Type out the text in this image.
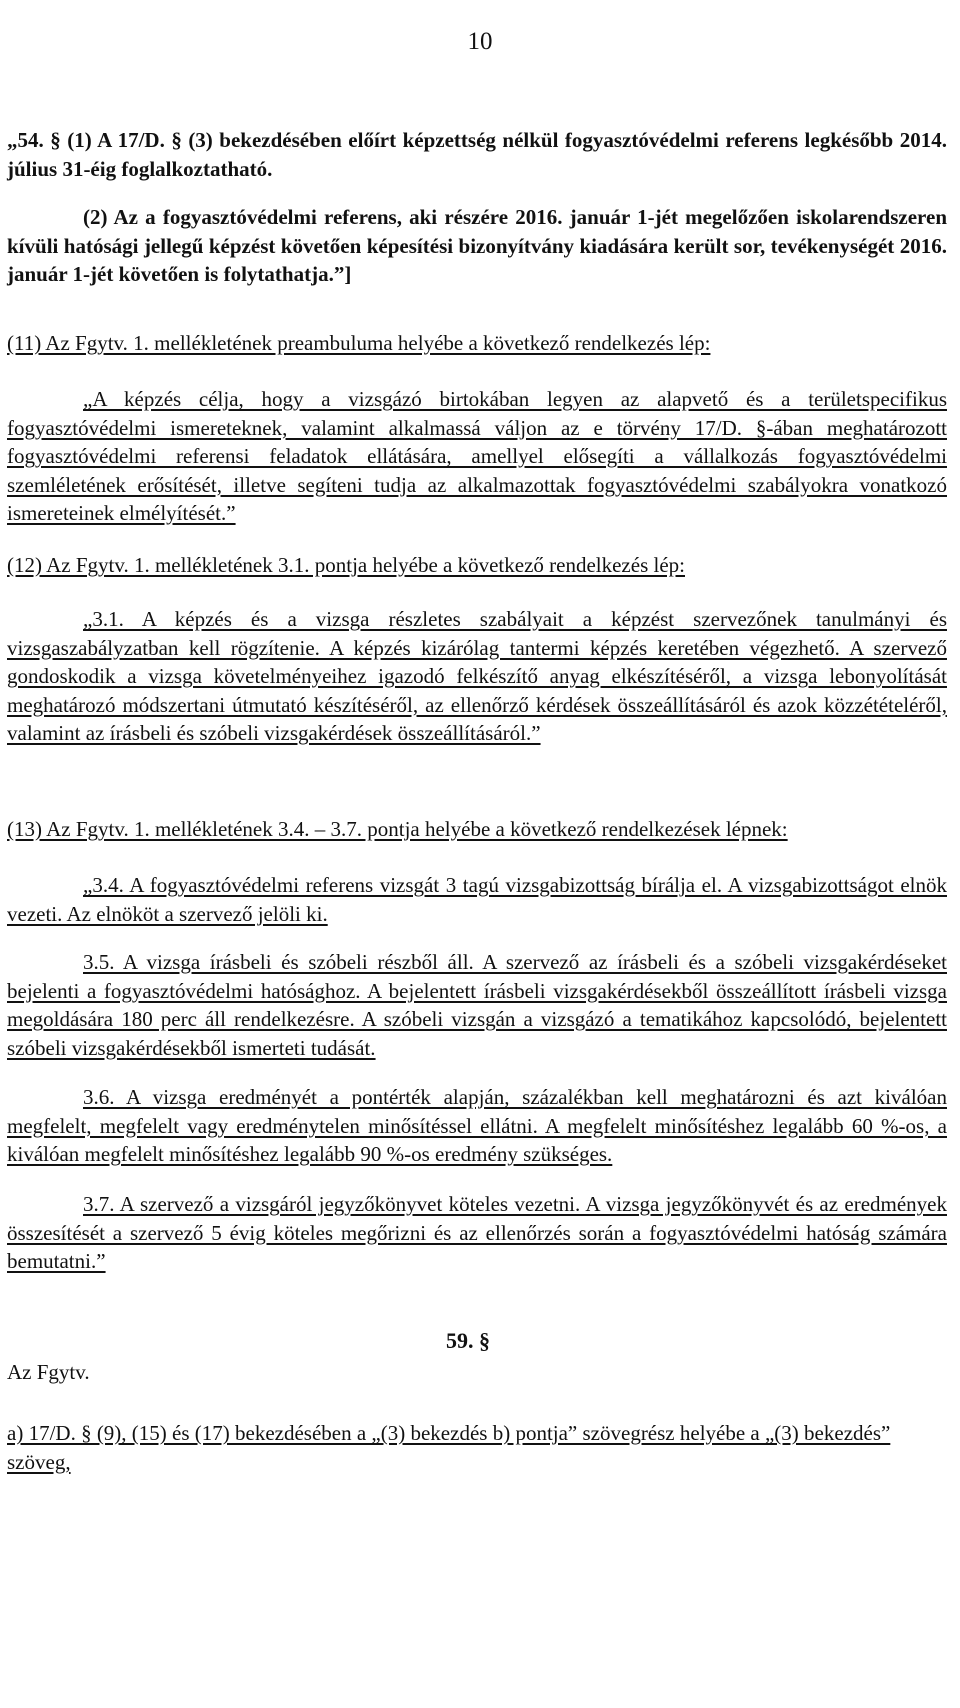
10

„54. § (1) A 17/D. § (3) bekezdésében előírt képzettség nélkül fogyasztóvédelmi referens legkésőbb 2014. július 31-éig foglalkoztatható.

(2) Az a fogyasztóvédelmi referens, aki részére 2016. január 1-jét megelőzően iskolarendszeren kívüli hatósági jellegű képzést követően képesítési bizonyítvány kiadására került sor, tevékenységét 2016. január 1-jét követően is folytathatja.”]

(11) Az Fgytv. 1. mellékletének preambuluma helyébe a következő rendelkezés lép:

„A képzés célja, hogy a vizsgázó birtokában legyen az alapvető és a területspecifikus fogyasztóvédelmi ismereteknek, valamint alkalmassá váljon az e törvény 17/D. §-ában meghatározott fogyasztóvédelmi referensi feladatok ellátására, amellyel elősegíti a vállalkozás fogyasztóvédelmi szemléletének erősítését, illetve segíteni tudja az alkalmazottak fogyasztóvédelmi szabályokra vonatkozó ismereteinek elmélyítését.”

(12) Az Fgytv. 1. mellékletének 3.1. pontja helyébe a következő rendelkezés lép:

„3.1. A képzés és a vizsga részletes szabályait a képzést szervezőnek tanulmányi és vizsgaszabályzatban kell rögzítenie. A képzés kizárólag tantermi képzés keretében végezhető. A szervező gondoskodik a vizsga követelményeihez igazodó felkészítő anyag elkészítéséről, a vizsga lebonyolítását meghatározó módszertani útmutató készítéséről, az ellenőrző kérdések összeállításáról és azok közzétételéről, valamint az írásbeli és szóbeli vizsgakérdések összeállításáról.”

(13) Az Fgytv. 1. mellékletének 3.4. – 3.7. pontja helyébe a következő rendelkezések lépnek:

„3.4. A fogyasztóvédelmi referens vizsgát 3 tagú vizsgabizottság bírálja el. A vizsgabizottságot elnök vezeti. Az elnököt a szervező jelöli ki.

3.5. A vizsga írásbeli és szóbeli részből áll. A szervező az írásbeli és a szóbeli vizsgakérdéseket bejelenti a fogyasztóvédelmi hatósághoz. A bejelentett írásbeli vizsgakérdésekből összeállított írásbeli vizsga megoldására 180 perc áll rendelkezésre. A szóbeli vizsgán a vizsgázó a tematikához kapcsolódó, bejelentett szóbeli vizsgakérdésekből ismerteti tudását.

3.6. A vizsga eredményét a pontérték alapján, százalékban kell meghatározni és azt kiválóan megfelelt, megfelelt vagy eredménytelen minősítéssel ellátni. A megfelelt minősítéshez legalább 60 %-os, a kiválóan megfelelt minősítéshez legalább 90 %-os eredmény szükséges.

3.7. A szervező a vizsgáról jegyzőkönyvet köteles vezetni. A vizsga jegyzőkönyvét és az eredmények összesítését a szervező 5 évig köteles megőrizni és az ellenőrzés során a fogyasztóvédelmi hatóság számára bemutatni.”

59. §
Az Fgytv.

a) 17/D. § (9), (15) és (17) bekezdésében a „(3) bekezdés b) pontja” szövegrész helyébe a „(3) bekezdés” szöveg,
